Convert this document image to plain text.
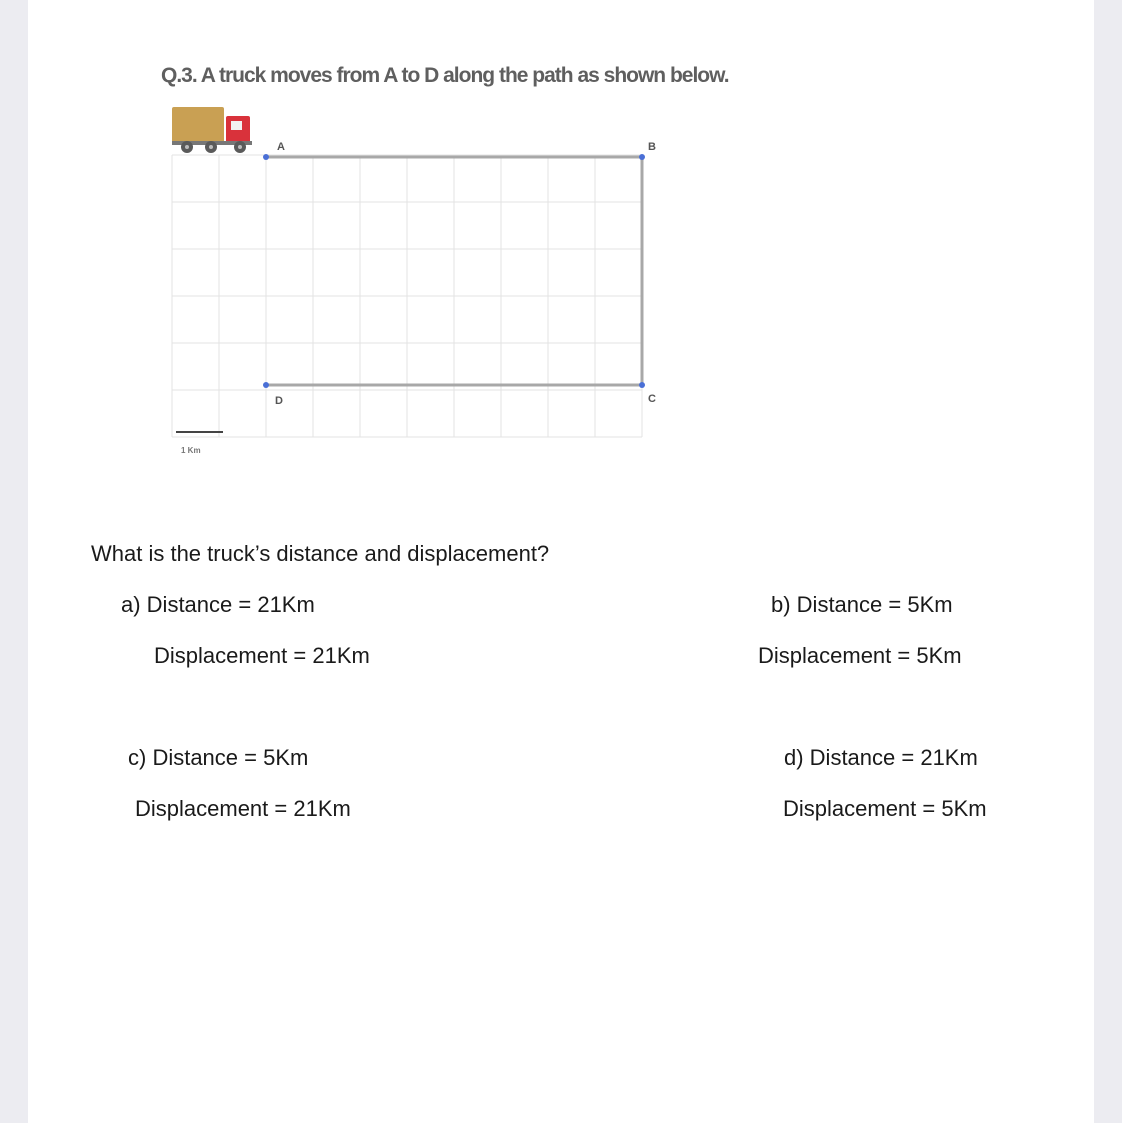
Q.3. A truck moves from A to D along the path as shown below.
A	B
C
D
1 Km
What is the truck’s distance and displacement?
a) Distance = 21Km
Displacement = 21Km
b) Distance = 5Km
Displacement = 5Km
c) Distance = 5Km
Displacement = 21Km
d) Distance = 21Km
Displacement = 5Km
